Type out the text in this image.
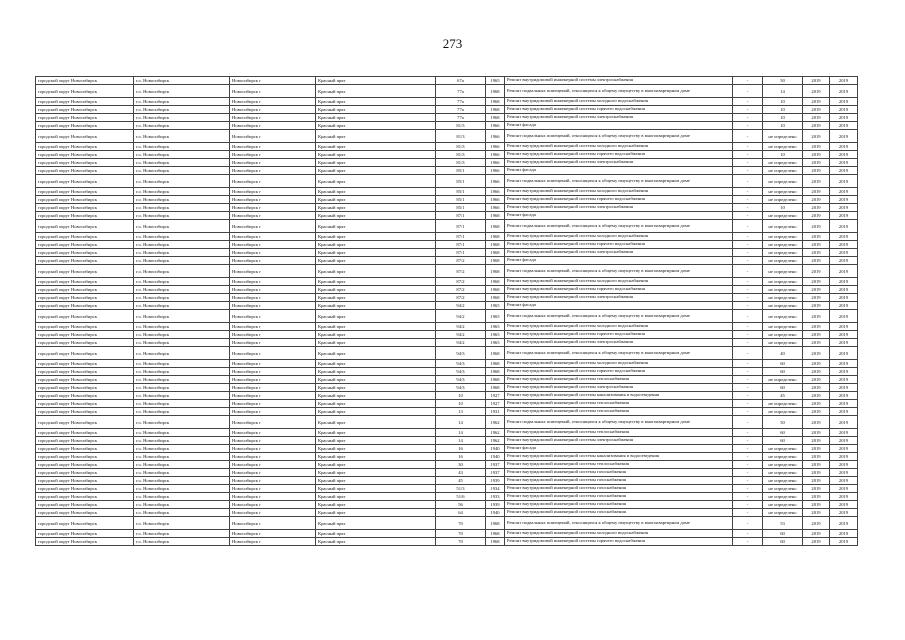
273
городской округ Новосибирск	г.о. Новосибирск	Новосибирск г	Красный пркт	67а	1965	Ремонт внутридомовой инженерной системы электроснабжения	-	50	2019	2019
городской округ Новосибирск	г.о. Новосибирск	Новосибирск г	Красный пркт	77а	1968	Ремонт подвальных помещений, относящихся к общему имуществу в многоквартирном доме	-	14	2019	2019
городской округ Новосибирск	г.о. Новосибирск	Новосибирск г	Красный пркт	77а	1968	Ремонт внутридомовой инженерной системы холодного водоснабжения	-	10	2019	2019
городской округ Новосибирск	г.о. Новосибирск	Новосибирск г	Красный пркт	77а	1968	Ремонт внутридомовой инженерной системы горячего водоснабжения	-	10	2019	2019
городской округ Новосибирск	г.о. Новосибирск	Новосибирск г	Красный пркт	77а	1968	Ремонт внутридомовой инженерной системы электроснабжения	-	10	2019	2019
городской округ Новосибирск	г.о. Новосибирск	Новосибирск г	Красный пркт	81/3	1966	Ремонт фасада	-	10	2019	2019
городской округ Новосибирск	г.о. Новосибирск	Новосибирск г	Красный пркт	81/3	1966	Ремонт подвальных помещений, относящихся к общему имуществу в многоквартирном доме	-	не определено	2019	2019
городской округ Новосибирск	г.о. Новосибирск	Новосибирск г	Красный пркт	81/3	1966	Ремонт внутридомовой инженерной системы холодного водоснабжения	-	не определено	2019	2019
городской округ Новосибирск	г.о. Новосибирск	Новосибирск г	Красный пркт	81/3	1966	Ремонт внутридомовой инженерной системы горячего водоснабжения	-	10	2019	2019
городской округ Новосибирск	г.о. Новосибирск	Новосибирск г	Красный пркт	81/3	1966	Ремонт внутридомовой инженерной системы электроснабжения	-	не определено	2019	2019
городской округ Новосибирск	г.о. Новосибирск	Новосибирск г	Красный пркт	85/1	1966	Ремонт фасада	-	не определено	2019	2019
городской округ Новосибирск	г.о. Новосибирск	Новосибирск г	Красный пркт	85/1	1966	Ремонт подвальных помещений, относящихся к общему имуществу в многоквартирном доме	-	не определено	2019	2019
городской округ Новосибирск	г.о. Новосибирск	Новосибирск г	Красный пркт	85/1	1966	Ремонт внутридомовой инженерной системы холодного водоснабжения	-	не определено	2019	2019
городской округ Новосибирск	г.о. Новосибирск	Новосибирск г	Красный пркт	85/1	1966	Ремонт внутридомовой инженерной системы горячего водоснабжения	-	не определено	2019	2019
городской округ Новосибирск	г.о. Новосибирск	Новосибирск г	Красный пркт	85/1	1966	Ремонт внутридомовой инженерной системы электроснабжения	-	10	2019	2019
городской округ Новосибирск	г.о. Новосибирск	Новосибирск г	Красный пркт	87/1	1968	Ремонт фасада	-	не определено	2019	2019
городской округ Новосибирск	г.о. Новосибирск	Новосибирск г	Красный пркт	87/1	1968	Ремонт подвальных помещений, относящихся к общему имуществу в многоквартирном доме	-	не определено	2019	2019
городской округ Новосибирск	г.о. Новосибирск	Новосибирск г	Красный пркт	87/1	1968	Ремонт внутридомовой инженерной системы холодного водоснабжения	-	не определено	2019	2019
городской округ Новосибирск	г.о. Новосибирск	Новосибирск г	Красный пркт	87/1	1968	Ремонт внутридомовой инженерной системы горячего водоснабжения	-	не определено	2019	2019
городской округ Новосибирск	г.о. Новосибирск	Новосибирск г	Красный пркт	87/1	1968	Ремонт внутридомовой инженерной системы электроснабжения	-	не определено	2019	2019
городской округ Новосибирск	г.о. Новосибирск	Новосибирск г	Красный пркт	87/2	1968	Ремонт фасада	-	не определено	2019	2019
городской округ Новосибирск	г.о. Новосибирск	Новосибирск г	Красный пркт	87/2	1968	Ремонт подвальных помещений, относящихся к общему имуществу в многоквартирном доме	-	не определено	2019	2019
городской округ Новосибирск	г.о. Новосибирск	Новосибирск г	Красный пркт	87/2	1968	Ремонт внутридомовой инженерной системы холодного водоснабжения	-	не определено	2019	2019
городской округ Новосибирск	г.о. Новосибирск	Новосибирск г	Красный пркт	87/2	1968	Ремонт внутридомовой инженерной системы горячего водоснабжения	-	не определено	2019	2019
городской округ Новосибирск	г.о. Новосибирск	Новосибирск г	Красный пркт	87/2	1968	Ремонт внутридомовой инженерной системы электроснабжения	-	не определено	2019	2019
городской округ Новосибирск	г.о. Новосибирск	Новосибирск г	Красный пркт	94/2	1965	Ремонт фасада	-	не определено	2019	2019
городской округ Новосибирск	г.о. Новосибирск	Новосибирск г	Красный пркт	94/2	1965	Ремонт подвальных помещений, относящихся к общему имуществу в многоквартирном доме	-	не определено	2019	2019
городской округ Новосибирск	г.о. Новосибирск	Новосибирск г	Красный пркт	94/2	1965	Ремонт внутридомовой инженерной системы холодного водоснабжения	-	не определено	2019	2019
городской округ Новосибирск	г.о. Новосибирск	Новосибирск г	Красный пркт	94/2	1965	Ремонт внутридомовой инженерной системы горячего водоснабжения	-	не определено	2019	2019
городской округ Новосибирск	г.о. Новосибирск	Новосибирск г	Красный пркт	94/2	1965	Ремонт внутридомовой инженерной системы электроснабжения	-	не определено	2019	2019
городской округ Новосибирск	г.о. Новосибирск	Новосибирск г	Красный пркт	94/3	1968	Ремонт подвальных помещений, относящихся к общему имуществу в многоквартирном доме	-	40	2019	2019
городской округ Новосибирск	г.о. Новосибирск	Новосибирск г	Красный пркт	94/3	1968	Ремонт внутридомовой инженерной системы холодного водоснабжения	-	60	2019	2019
городской округ Новосибирск	г.о. Новосибирск	Новосибирск г	Красный пркт	94/3	1968	Ремонт внутридомовой инженерной системы горячего водоснабжения	-	60	2019	2019
городской округ Новосибирск	г.о. Новосибирск	Новосибирск г	Красный пркт	94/3	1968	Ремонт внутридомовой инженерной системы теплоснабжения	-	не определено	2019	2019
городской округ Новосибирск	г.о. Новосибирск	Новосибирск г	Красный пркт	94/3	1968	Ремонт внутридомовой инженерной системы электроснабжения	-	60	2019	2019
городской округ Новосибирск	г.о. Новосибирск	Новосибирск г	Красный пркт	10	1927	Ремонт внутридомовой инженерной системы канализования и водоотведения	-	45	2019	2019
городской округ Новосибирск	г.о. Новосибирск	Новосибирск г	Красный пркт	10	1927	Ремонт внутридомовой инженерной системы теплоснабжения	-	не определено	2019	2019
городской округ Новосибирск	г.о. Новосибирск	Новосибирск г	Красный пркт	13	1931	Ремонт внутридомовой инженерной системы теплоснабжения	-	не определено	2019	2019
городской округ Новосибирск	г.о. Новосибирск	Новосибирск г	Красный пркт	14	1962	Ремонт подвальных помещений, относящихся к общему имуществу в многоквартирном доме	-	50	2019	2019
городской округ Новосибирск	г.о. Новосибирск	Новосибирск г	Красный пркт	14	1962	Ремонт внутридомовой инженерной системы теплоснабжения	-	60	2019	2019
городской округ Новосибирск	г.о. Новосибирск	Новосибирск г	Красный пркт	14	1962	Ремонт внутридомовой инженерной системы электроснабжения	-	60	2019	2019
городской округ Новосибирск	г.о. Новосибирск	Новосибирск г	Красный пркт	16	1940	Ремонт фасада	-	не определено	2019	2019
городской округ Новосибирск	г.о. Новосибирск	Новосибирск г	Красный пркт	16	1940	Ремонт внутридомовой инженерной системы канализования и водоотведения	-	не определено	2019	2019
городской округ Новосибирск	г.о. Новосибирск	Новосибирск г	Красный пркт	30	1937	Ремонт внутридомовой инженерной системы теплоснабжения	-	не определено	2019	2019
городской округ Новосибирск	г.о. Новосибирск	Новосибирск г	Красный пркт	43	1937	Ремонт внутридомовой инженерной системы газоснабжения	-	не определено	2019	2019
городской округ Новосибирск	г.о. Новосибирск	Новосибирск г	Красный пркт	45	1939	Ремонт внутридомовой инженерной системы газоснабжения	-	не определено	2019	2019
городской округ Новосибирск	г.о. Новосибирск	Новосибирск г	Красный пркт	51/3	1934	Ремонт внутридомовой инженерной системы газоснабжения	-	не определено	2019	2019
городской округ Новосибирск	г.о. Новосибирск	Новосибирск г	Красный пркт	51/6	1933	Ремонт внутридомовой инженерной системы газоснабжения	-	не определено	2019	2019
городской округ Новосибирск	г.о. Новосибирск	Новосибирск г	Красный пркт	56	1939	Ремонт внутридомовой инженерной системы газоснабжения	-	не определено	2019	2019
городской округ Новосибирск	г.о. Новосибирск	Новосибирск г	Красный пркт	64	1940	Ремонт внутридомовой инженерной системы газоснабжения	-	не определено	2019	2019
городской округ Новосибирск	г.о. Новосибирск	Новосибирск г	Красный пркт	70	1968	Ремонт подвальных помещений, относящихся к общему имуществу в многоквартирном доме	-	53	2019	2019
городской округ Новосибирск	г.о. Новосибирск	Новосибирск г	Красный пркт	70	1968	Ремонт внутридомовой инженерной системы холодного водоснабжения	-	60	2019	2019
городской округ Новосибирск	г.о. Новосибирск	Новосибирск г	Красный пркт	70	1968	Ремонт внутридомовой инженерной системы горячего водоснабжения	-	60	2019	2019
